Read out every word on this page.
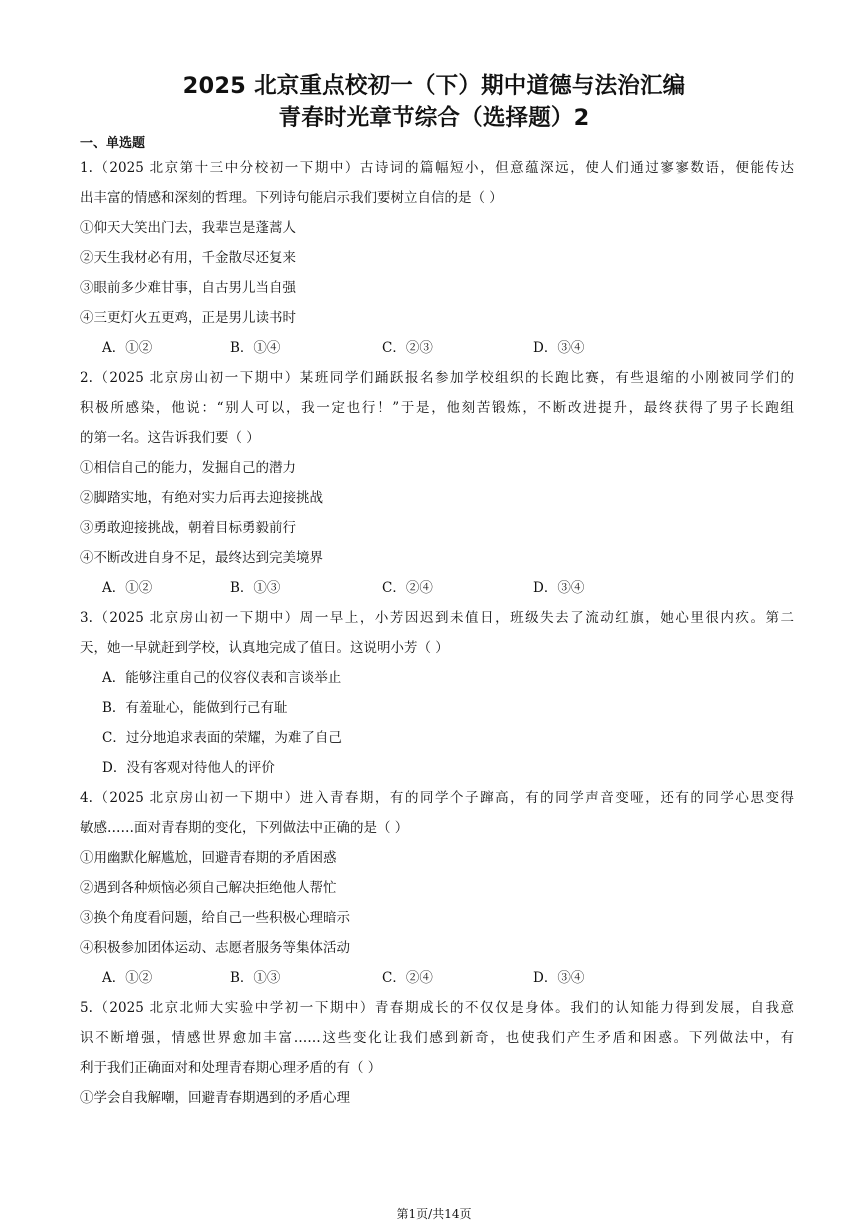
2025 北京重点校初一（下）期中道德与法治汇编
青春时光章节综合（选择题）2
一、单选题
1.（2025 北京第十三中分校初一下期中）古诗词的篇幅短小，但意蕴深远，使人们通过寥寥数语，便能传达
出丰富的情感和深刻的哲理。下列诗句能启示我们要树立自信的是（ ）
①仰天大笑出门去，我辈岂是蓬蒿人
②天生我材必有用，千金散尽还复来
③眼前多少难甘事，自古男儿当自强
④三更灯火五更鸡，正是男儿读书时
A．①②	B．①④	C．②③	D．③④
2.（2025 北京房山初一下期中）某班同学们踊跃报名参加学校组织的长跑比赛，有些退缩的小刚被同学们的
积极所感染，他说：“别人可以，我一定也行！”于是，他刻苦锻炼，不断改进提升，最终获得了男子长跑组
的第一名。这告诉我们要（ ）
①相信自己的能力，发掘自己的潜力
②脚踏实地，有绝对实力后再去迎接挑战
③勇敢迎接挑战，朝着目标勇毅前行
④不断改进自身不足，最终达到完美境界
A．①②	B．①③	C．②④	D．③④
3.（2025 北京房山初一下期中）周一早上，小芳因迟到未值日，班级失去了流动红旗，她心里很内疚。第二
天，她一早就赶到学校，认真地完成了值日。这说明小芳（ ）
A．能够注重自己的仪容仪表和言谈举止
B．有羞耻心，能做到行己有耻
C．过分地追求表面的荣耀，为难了自己
D．没有客观对待他人的评价
4.（2025 北京房山初一下期中）进入青春期，有的同学个子蹿高，有的同学声音变哑，还有的同学心思变得
敏感……面对青春期的变化，下列做法中正确的是（ ）
①用幽默化解尴尬，回避青春期的矛盾困惑
②遇到各种烦恼必须自己解决拒绝他人帮忙
③换个角度看问题，给自己一些积极心理暗示
④积极参加团体运动、志愿者服务等集体活动
A．①②	B．①③	C．②④	D．③④
5.（2025 北京北师大实验中学初一下期中）青春期成长的不仅仅是身体。我们的认知能力得到发展，自我意
识不断增强，情感世界愈加丰富……这些变化让我们感到新奇，也使我们产生矛盾和困惑。下列做法中，有
利于我们正确面对和处理青春期心理矛盾的有（ ）
①学会自我解嘲，回避青春期遇到的矛盾心理
第1页/共14页
